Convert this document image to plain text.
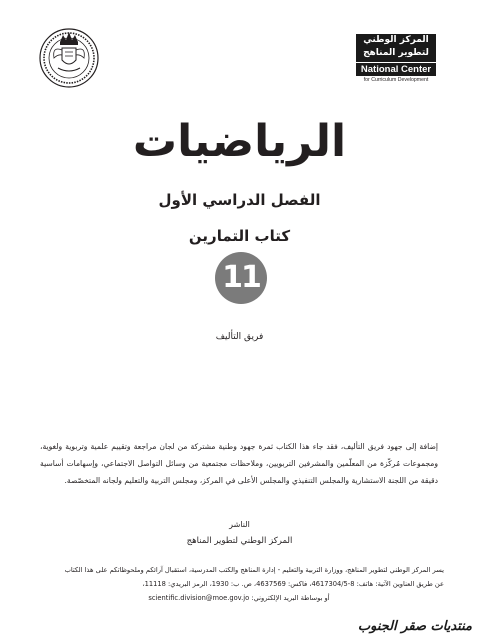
المركز الوطني لتطوير المناهج
National Center
for Curriculum Development
الرياضيات
الفصل الدراسي الأول
كتاب التمارين
11
فريق التأليف
إضافة إلى جهود فريق التأليف، فقد جاء هذا الكتاب ثمرة جهود وطنية مشتركة من لجان مراجعة وتقييم علمية وتربوية ولغوية، ومجموعات مُركّزة من المعلّمين والمشرفين التربويين، وملاحظات مجتمعية من وسائل التواصل الاجتماعي، وإسهامات أساسية دقيقة من اللجنة الاستشارية والمجلس التنفيذي والمجلس الأعلى في المركز، ومجلس التربية والتعليم ولجانه المتخصّصة.
الناشر
المركز الوطني لتطوير المناهج
يسر المركز الوطني لتطوير المناهج، ووزارة التربية والتعليم - إدارة المناهج والكتب المدرسية، استقبال آرائكم وملحوظاتكم على هذا الكتاب
عن طريق العناوين الآتية: هاتف: 8-4617304/5، فاكس: 4637569، ص. ب: 1930، الرمز البريدي: 11118،
أو بوساطة البريد الإلكتروني: scientific.division@moe.gov.jo
منتديات صقر الجنوب
